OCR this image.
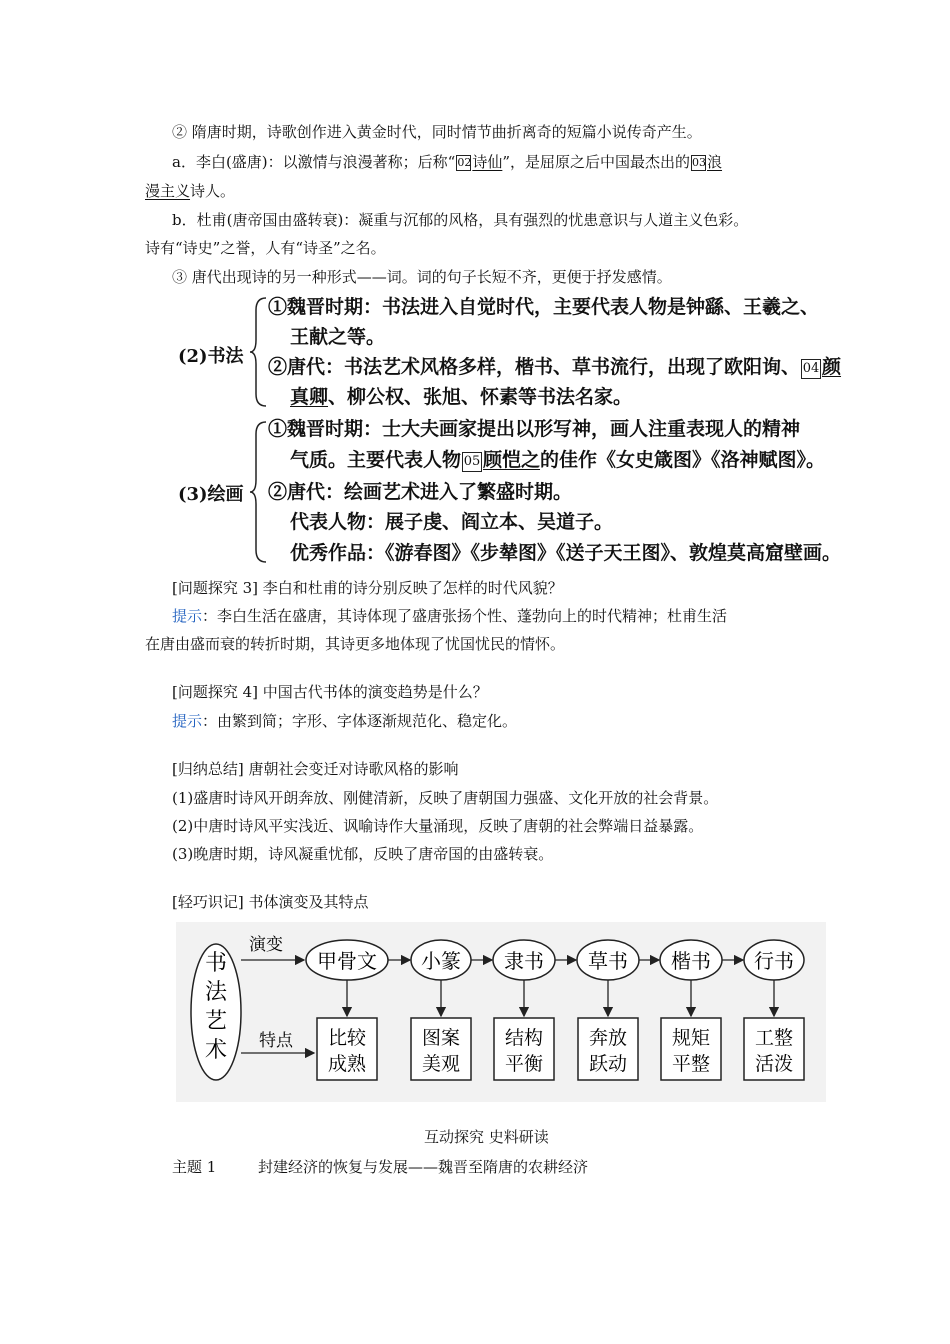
② 隋唐时期，诗歌创作进入黄金时代，同时情节曲折离奇的短篇小说传奇产生。
a．李白(盛唐)：以激情与浪漫著称；后称“ 02诗仙”，是屈原之后中国最杰出的 03浪
漫主义诗人。
b．杜甫(唐帝国由盛转衰)：凝重与沉郁的风格，具有强烈的忧患意识与人道主义色彩。
诗有“诗史”之誉，人有“诗圣”之名。
③ 唐代出现诗的另一种形式——词。词的句子长短不齐，更便于抒发感情。
(2)书法
①魏晋时期：书法进入自觉时代，主要代表人物是钟繇、王羲之、
王献之等。
②唐代：书法艺术风格多样，楷书、草书流行，出现了欧阳询、 04 颜
真卿、柳公权、张旭、怀素等书法名家。
(3)绘画
①魏晋时期：士大夫画家提出以形写神，画人注重表现人的精神
气质。主要代表人物 05 顾恺之的佳作《女史箴图》《洛神赋图》。
②唐代：绘画艺术进入了繁盛时期。
代表人物：展子虔、阎立本、吴道子。
优秀作品：《游春图》《步辇图》《送子天王图》、敦煌莫高窟壁画。
[问题探究 3] 李白和杜甫的诗分别反映了怎样的时代风貌？
提示：李白生活在盛唐，其诗体现了盛唐张扬个性、蓬勃向上的时代精神；杜甫生活
在唐由盛而衰的转折时期，其诗更多地体现了忧国忧民的情怀。
[问题探究 4] 中国古代书体的演变趋势是什么？
提示：由繁到简；字形、字体逐渐规范化、稳定化。
[归纳总结] 唐朝社会变迁对诗歌风格的影响
(1)盛唐时诗风开朗奔放、刚健清新，反映了唐朝国力强盛、文化开放的社会背景。
(2)中唐时诗风平实浅近、讽喻诗作大量涌现，反映了唐朝的社会弊端日益暴露。
(3)晚唐时期，诗风凝重忧郁，反映了唐帝国的由盛转衰。
[轻巧识记] 书体演变及其特点
书
法
艺
术
演变
特点
甲骨文
比较
成熟
小篆
图案
美观
隶书
结构
平衡
草书
奔放
跃动
楷书
规矩
平整
行书
工整
活泼
互动探究 史料研读
主题 1	封建经济的恢复与发展——魏晋至隋唐的农耕经济
